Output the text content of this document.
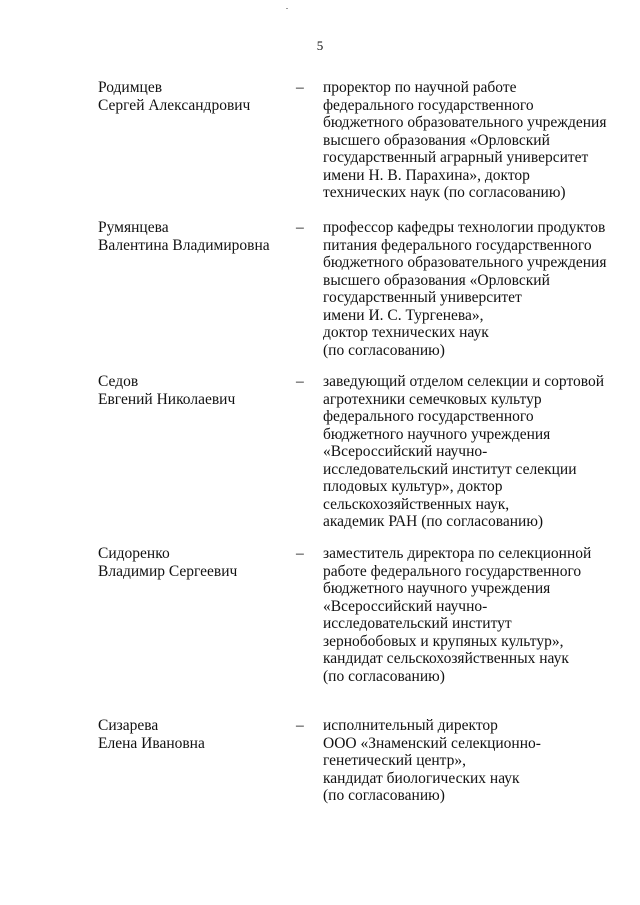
5
Родимцев
Сергей Александрович
– проректор по научной работе
федерального государственного
бюджетного образовательного учреждения
высшего образования «Орловский
государственный аграрный университет
имени Н. В. Парахина», доктор
технических наук (по согласованию)
Румянцева
Валентина Владимировна
– профессор кафедры технологии продуктов
питания федерального государственного
бюджетного образовательного учреждения
высшего образования «Орловский
государственный университет
имени И. С. Тургенева»,
доктор технических наук
(по согласованию)
Седов
Евгений Николаевич
– заведующий отделом селекции и сортовой
агротехники семечковых культур
федерального государственного
бюджетного научного учреждения
«Всероссийский научно-
исследовательский институт селекции
плодовых культур», доктор
сельскохозяйственных наук,
академик РАН (по согласованию)
Сидоренко
Владимир Сергеевич
– заместитель директора по селекционной
работе федерального государственного
бюджетного научного учреждения
«Всероссийский научно-
исследовательский институт
зернобобовых и крупяных культур»,
кандидат сельскохозяйственных наук
(по согласованию)
Сизарева
Елена Ивановна
– исполнительный директор
ООО «Знаменский селекционно-
генетический центр»,
кандидат биологических наук
(по согласованию)
